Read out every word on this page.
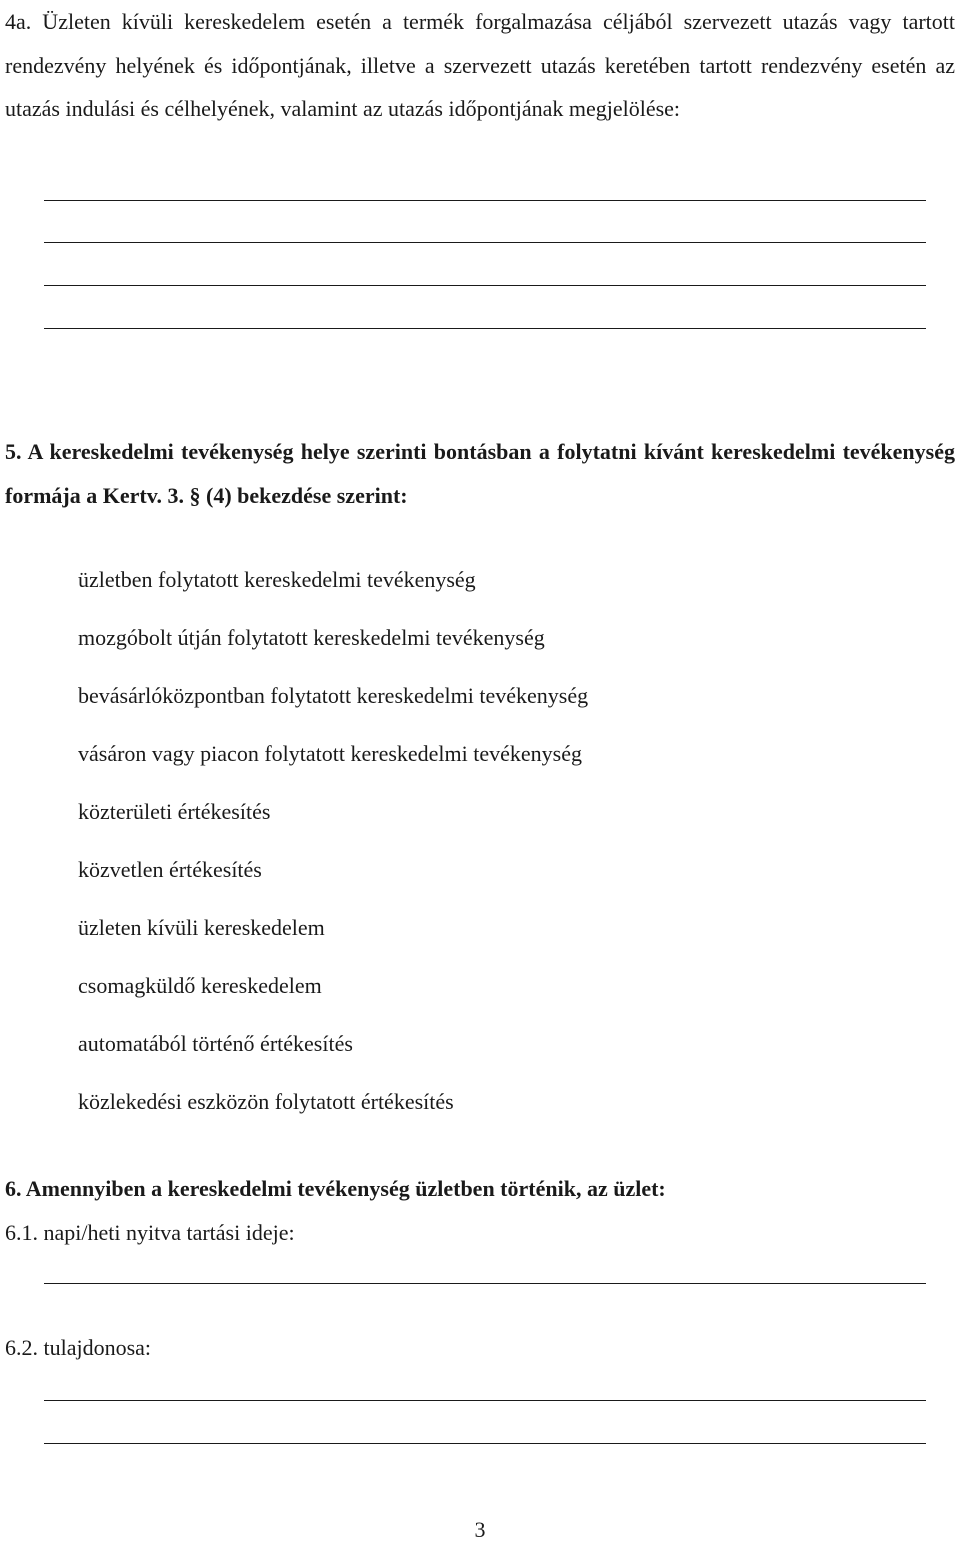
4a. Üzleten kívüli kereskedelem esetén a termék forgalmazása céljából szervezett utazás vagy tartott rendezvény helyének és időpontjának, illetve a szervezett utazás keretében tartott rendezvény esetén az utazás indulási és célhelyének, valamint az utazás időpontjának megjelölése:

5. A kereskedelmi tevékenység helye szerinti bontásban a folytatni kívánt kereskedelmi tevékenység formája a Kertv. 3. § (4) bekezdése szerint:

üzletben folytatott kereskedelmi tevékenység
mozgóbolt útján folytatott kereskedelmi tevékenység
bevásárlóközpontban folytatott kereskedelmi tevékenység
vásáron vagy piacon folytatott kereskedelmi tevékenység
közterületi értékesítés
közvetlen értékesítés
üzleten kívüli kereskedelem
csomagküldő kereskedelem
automatából történő értékesítés
közlekedési eszközön folytatott értékesítés

6. Amennyiben a kereskedelmi tevékenység üzletben történik, az üzlet:

6.1. napi/heti nyitva tartási ideje:
6.2. tulajdonosa:
3
